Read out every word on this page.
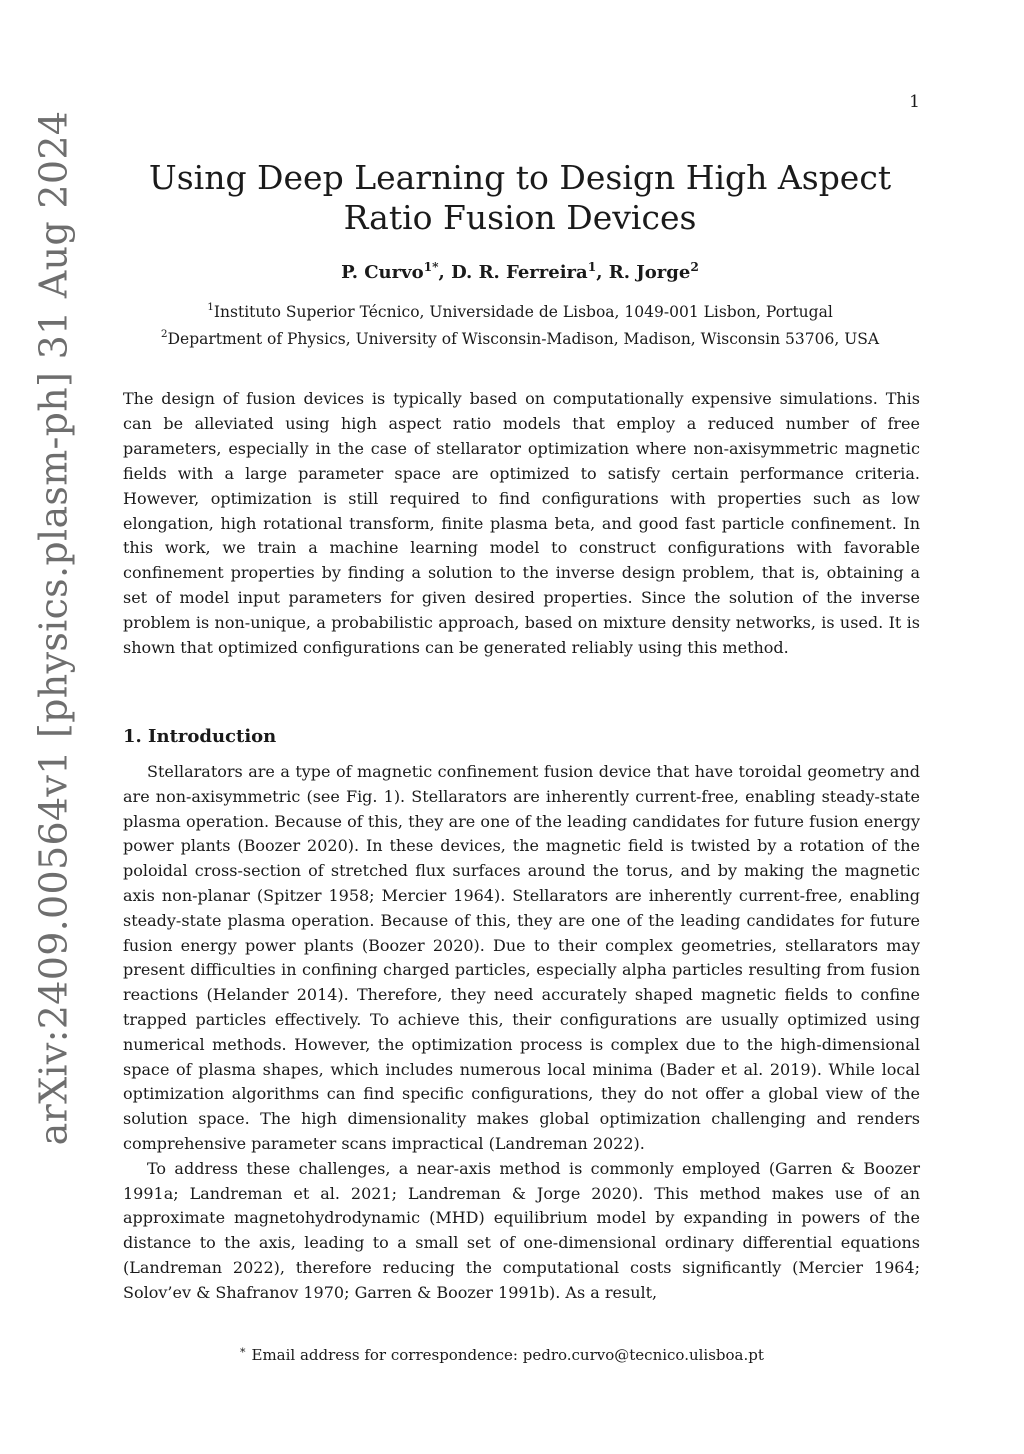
1
arXiv:2409.00564v1 [physics.plasm-ph] 31 Aug 2024	Using Deep Learning to Design High Aspect Ratio Fusion Devices
P. Curvo$^{1*}$, D. R. Ferreira$^1$, R. Jorge$^2$
$^1$Instituto Superior Técnico, Universidade de Lisboa, 1049-001 Lisbon, Portugal
$^2$Department of Physics, University of Wisconsin-Madison, Madison, Wisconsin 53706, USA

The design of fusion devices is typically based on computationally expensive simulations. This can be alleviated using high aspect ratio models that employ a reduced number of free parameters, especially in the case of stellarator optimization where non-axisymmetric magnetic fields with a large parameter space are optimized to satisfy certain performance criteria. However, optimization is still required to find configurations with properties such as low elongation, high rotational transform, finite plasma beta, and good fast particle confinement. In this work, we train a machine learning model to construct configurations with favorable confinement properties by finding a solution to the inverse design problem, that is, obtaining a set of model input parameters for given desired properties. Since the solution of the inverse problem is non-unique, a probabilistic approach, based on mixture density networks, is used. It is shown that optimized configurations can be generated reliably using this method.

1. Introduction

Stellarators are a type of magnetic confinement fusion device that have toroidal geometry and are non-axisymmetric (see Fig. 1). Stellarators are inherently current-free, enabling steady-state plasma operation. Because of this, they are one of the leading candidates for future fusion energy power plants (Boozer 2020). In these devices, the magnetic field is twisted by a rotation of the poloidal cross-section of stretched flux surfaces around the torus, and by making the magnetic axis non-planar (Spitzer 1958; Mercier 1964). Stellarators are inherently current-free, enabling steady-state plasma operation. Because of this, they are one of the leading candidates for future fusion energy power plants (Boozer 2020). Due to their complex geometries, stellarators may present difficulties in confining charged particles, especially alpha particles resulting from fusion reactions (Helander 2014). Therefore, they need accurately shaped magnetic fields to confine trapped particles effectively. To achieve this, their configurations are usually optimized using numerical methods. However, the optimization process is complex due to the high-dimensional space of plasma shapes, which includes numerous local minima (Bader et al. 2019). While local optimization algorithms can find specific configurations, they do not offer a global view of the solution space. The high dimensionality makes global optimization challenging and renders comprehensive parameter scans impractical (Landreman 2022).

To address these challenges, a near-axis method is commonly employed (Garren & Boozer 1991a; Landreman et al. 2021; Landreman & Jorge 2020). This method makes use of an approximate magnetohydrodynamic (MHD) equilibrium model by expanding in powers of the distance to the axis, leading to a small set of one-dimensional ordinary differential equations (Landreman 2022), therefore reducing the computational costs significantly (Mercier 1964; Solov’ev & Shafranov 1970; Garren & Boozer 1991b). As a result,

* Email address for correspondence: pedro.curvo@tecnico.ulisboa.pt
